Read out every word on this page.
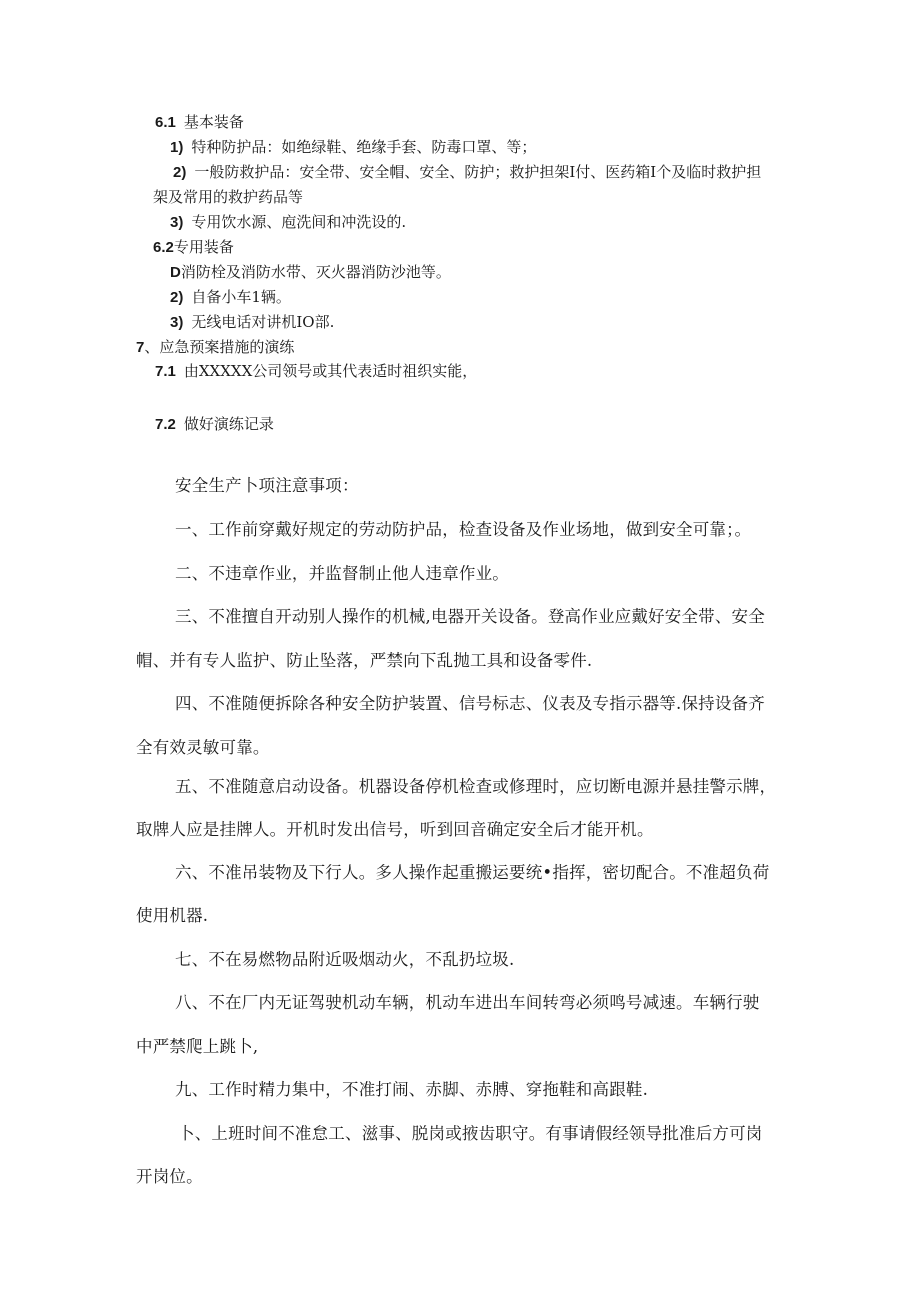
6.1 基本装备
1) 特种防护品：如绝绿鞋、绝缘手套、防毒口罩、等；
2) 一般防救护品：安全带、安全帽、安全、防护；救护担架Ⅰ付、医药箱Ⅰ个及临时救护担
架及常用的救护药品等
3) 专用饮水源、庖洗间和冲洗设的.
6.2专用装备
D消防栓及消防水带、灭火器消防沙池等。
2) 自备小车1辆。
3) 无线电话对讲机IO部.
7、应急预案措施的演练
7.1 由XXXXX公司领号或其代表适时祖织实能，
7.2 做好演练记录
安全生产卜项注意事项：
一、工作前穿戴好规定的劳动防护品，检查设备及作业场地，做到安全可靠；。
二、不违章作业，并监督制止他人违章作业。
三、不准擅自开动别人操作的机械,电器开关设备。登高作业应戴好安全带、安全
帽、并有专人监护、防止坠落，严禁向下乱抛工具和设备零件.
四、不准随便拆除各种安全防护装置、信号标志、仪表及专指示器等.保持设备齐
全有效灵敏可靠。
五、不准随意启动设备。机器设备停机检查或修理时，应切断电源并悬挂警示牌，
取牌人应是挂牌人。开机时发出信号，听到回音确定安全后才能开机。
六、不准吊装物及下行人。多人操作起重搬运要统•指挥，密切配合。不准超负荷
使用机器.
七、不在易燃物品附近吸烟动火，不乱扔垃圾.
八、不在厂内无证驾驶机动车辆，机动车进出车间转弯必须鸣号减速。车辆行驶
中严禁爬上跳卜,
九、工作时精力集中，不准打闹、赤脚、赤膊、穿拖鞋和高跟鞋.
卜、上班时间不准怠工、滋事、脱岗或掖齿职守。有事请假经领导批准后方可岗
开岗位。
